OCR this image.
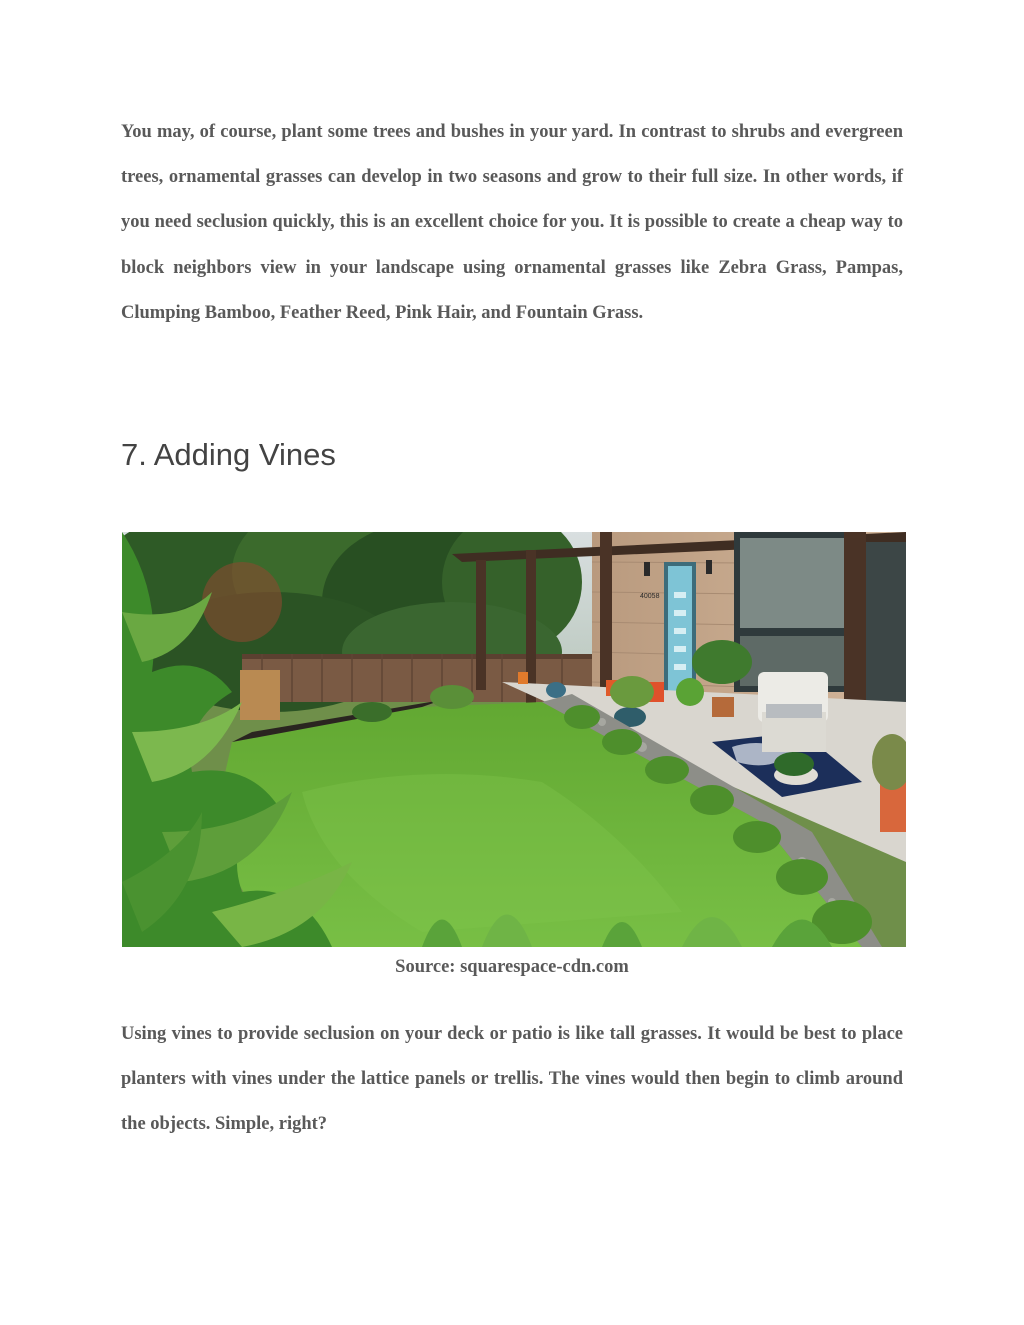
You may, of course, plant some trees and bushes in your yard. In contrast to shrubs and evergreen trees, ornamental grasses can develop in two seasons and grow to their full size. In other words, if you need seclusion quickly, this is an excellent choice for you. It is possible to create a cheap way to block neighbors view in your landscape using ornamental grasses like Zebra Grass, Pampas, Clumping Bamboo, Feather Reed, Pink Hair, and Fountain Grass.

7. Adding Vines
40058

Source: squarespace-cdn.com

Using vines to provide seclusion on your deck or patio is like tall grasses. It would be best to place planters with vines under the lattice panels or trellis. The vines would then begin to climb around the objects. Simple, right?
